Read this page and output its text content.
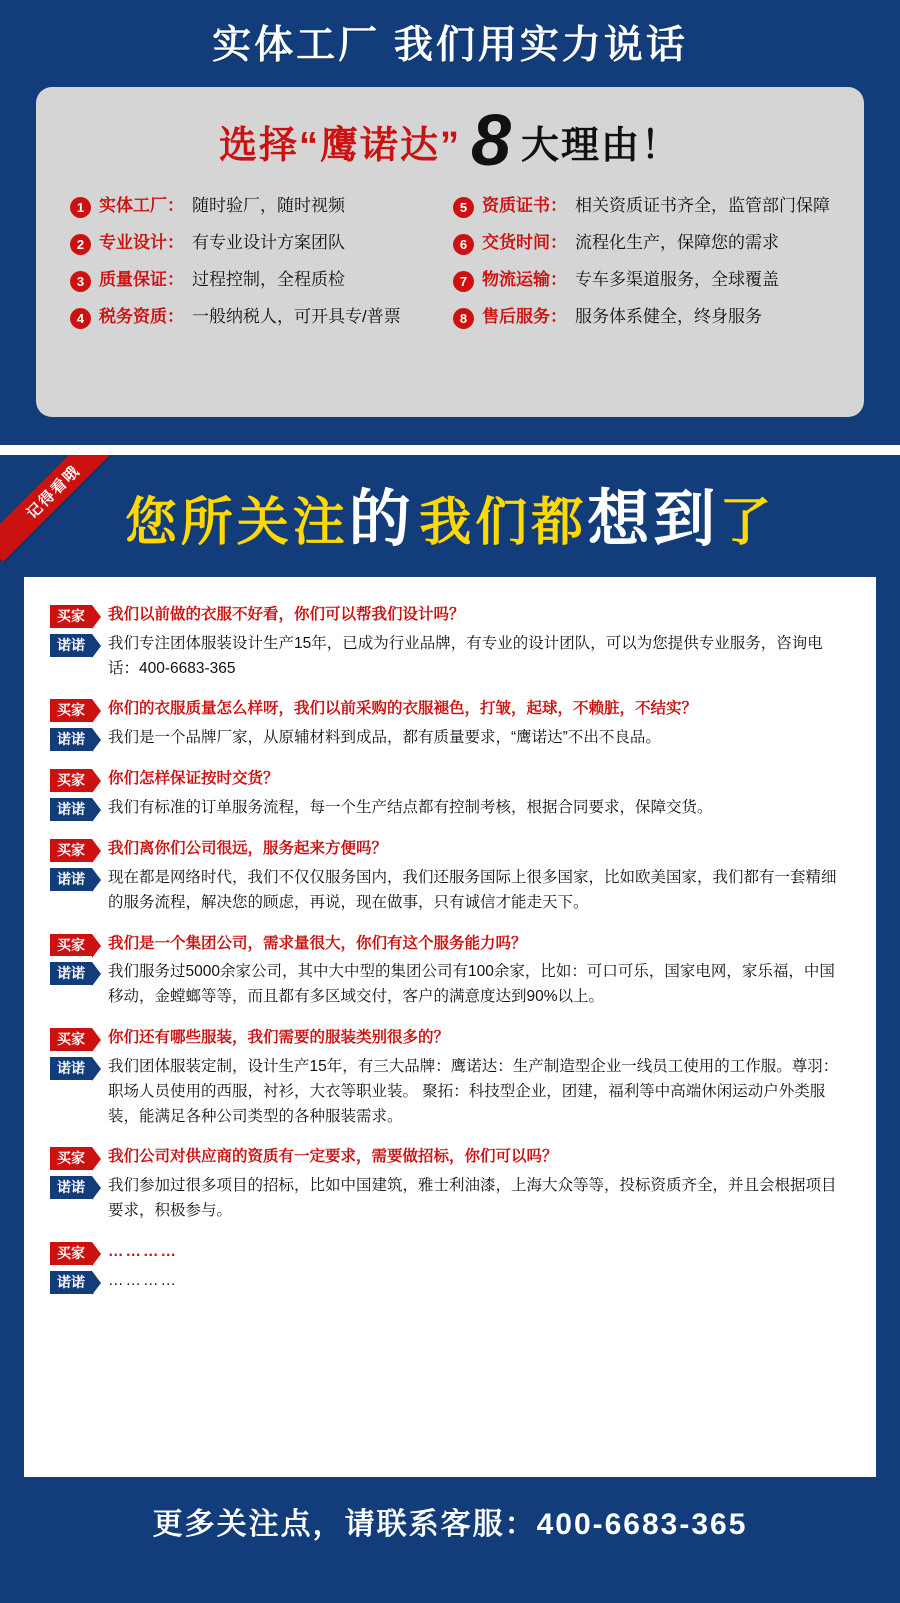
实体工厂 我们用实力说话
选择“鹰诺达” 8 大理由！
1 实体工厂： 随时验厂，随时视频	5 资质证书： 相关资质证书齐全，监管部门保障
2 专业设计： 有专业设计方案团队	6 交货时间： 流程化生产，保障您的需求
3 质量保证： 过程控制，全程质检	7 物流运输： 专车多渠道服务，全球覆盖
4 税务资质： 一般纳税人，可开具专/普票	8 售后服务： 服务体系健全，终身服务
记得看哦
您所关注的 我们都想到了
买家	我们以前做的衣服不好看，你们可以帮我们设计吗？
诺诺	我们专注团体服装设计生产15年，已成为行业品牌，有专业的设计团队，可以为您提供专业服务，咨询电话：400-6683-365
买家	你们的衣服质量怎么样呀，我们以前采购的衣服褪色，打皱，起球，不赖脏，不结实？
诺诺	我们是一个品牌厂家，从原辅材料到成品，都有质量要求，“鹰诺达”不出不良品。
买家	你们怎样保证按时交货？
诺诺	我们有标准的订单服务流程，每一个生产结点都有控制考核，根据合同要求，保障交货。
买家	我们离你们公司很远，服务起来方便吗？
诺诺	现在都是网络时代，我们不仅仅服务国内，我们还服务国际上很多国家，比如欧美国家，我们都有一套精细的服务流程，解决您的顾虑，再说，现在做事，只有诚信才能走天下。
买家	我们是一个集团公司，需求量很大，你们有这个服务能力吗？
诺诺	我们服务过5000余家公司，其中大中型的集团公司有100余家，比如：可口可乐，国家电网，家乐福，中国移动，金螳螂等等，而且都有多区域交付，客户的满意度达到90%以上。
买家	你们还有哪些服装，我们需要的服装类别很多的？
诺诺	我们团体服装定制，设计生产15年，有三大品牌：鹰诺达：生产制造型企业一线员工使用的工作服。尊羽：职场人员使用的西服，衬衫，大衣等职业装。 聚拓：科技型企业，团建，福利等中高端休闲运动户外类服装，能满足各种公司类型的各种服装需求。
买家	我们公司对供应商的资质有一定要求，需要做招标，你们可以吗？
诺诺	我们参加过很多项目的招标，比如中国建筑，雅士利油漆，上海大众等等，投标资质齐全，并且会根据项目要求，积极参与。
买家	…………
诺诺	…………
更多关注点，请联系客服：400-6683-365
